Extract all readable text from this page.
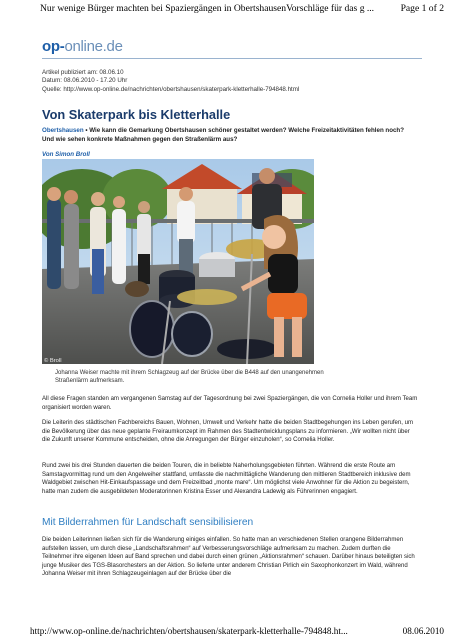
Nur wenige Bürger machten bei Spaziergängen in ObertshausenVorschläge für das g ...	Page 1 of 2
op-online.de
Artikel publiziert am: 08.06.10
Datum: 08.06.2010 - 17.20 Uhr
Quelle: http://www.op-online.de/nachrichten/obertshausen/skaterpark-kletterhalle-794848.html
Von Skaterpark bis Kletterhalle
Obertshausen • Wie kann die Gemarkung Obertshausen schöner gestaltet werden? Welche Freizeitaktivitäten fehlen noch? Und wie sehen konkrete Maßnahmen gegen den Straßenlärm aus?
Von Simon Broll
© Broll
Johanna Weiser machte mit ihrem Schlagzeug auf der Brücke über die B448 auf den unangenehmen Straßenlärm aufmerksam.
All diese Fragen standen am vergangenen Samstag auf der Tagesordnung bei zwei Spaziergängen, die von Cornelia Holler und ihrem Team organisiert worden waren.
Die Leiterin des städtischen Fachbereichs Bauen, Wohnen, Umwelt und Verkehr hatte die beiden Stadtbegehungen ins Leben gerufen, um die Bevölkerung über das neue geplante Freiraumkonzept im Rahmen des Stadtentwicklungsplans zu informieren. „Wir wollten nicht über die Zukunft unserer Kommune entscheiden, ohne die Anregungen der Bürger einzuholen“, so Cornelia Holler.
Rund zwei bis drei Stunden dauerten die beiden Touren, die in beliebte Naherholungsgebieten führten. Während die erste Route am Samstagvormittag rund um den Angelweiher stattfand, umfasste die nachmittägliche Wanderung den mittleren Stadtbereich inklusive dem Waldgebiet zwischen Hit-Einkaufspassage und dem Freizeitbad „monte mare“. Um möglichst viele Anwohner für die Aktion zu begeistern, hatte man zudem die ausgebildeten Moderatorinnen Kristina Esser und Alexandra Ladewig als Führerinnen engagiert.
Mit Bilderrahmen für Landschaft sensibilisieren
Die beiden Leiterinnen ließen sich für die Wanderung einiges einfallen. So hatte man an verschiedenen Stellen orangene Bilderrahmen aufstellen lassen, um durch diese „Landschaftsrahmen“ auf Verbesserungsvorschläge aufmerksam zu machen. Zudem durften die Teilnehmer ihre eigenen Ideen auf Band sprechen und dabei durch einen grünen „Aktionsrahmen“ schauen. Darüber hinaus beteiligten sich junge Musiker des TGS-Blasorchesters an der Aktion. So lieferte unter anderem Christian Pirlich ein Saxophonkonzert im Wald, während Johanna Weiser mit ihren Schlagzeugeinlagen auf der Brücke über die
http://www.op-online.de/nachrichten/obertshausen/skaterpark-kletterhalle-794848.ht...	08.06.2010
